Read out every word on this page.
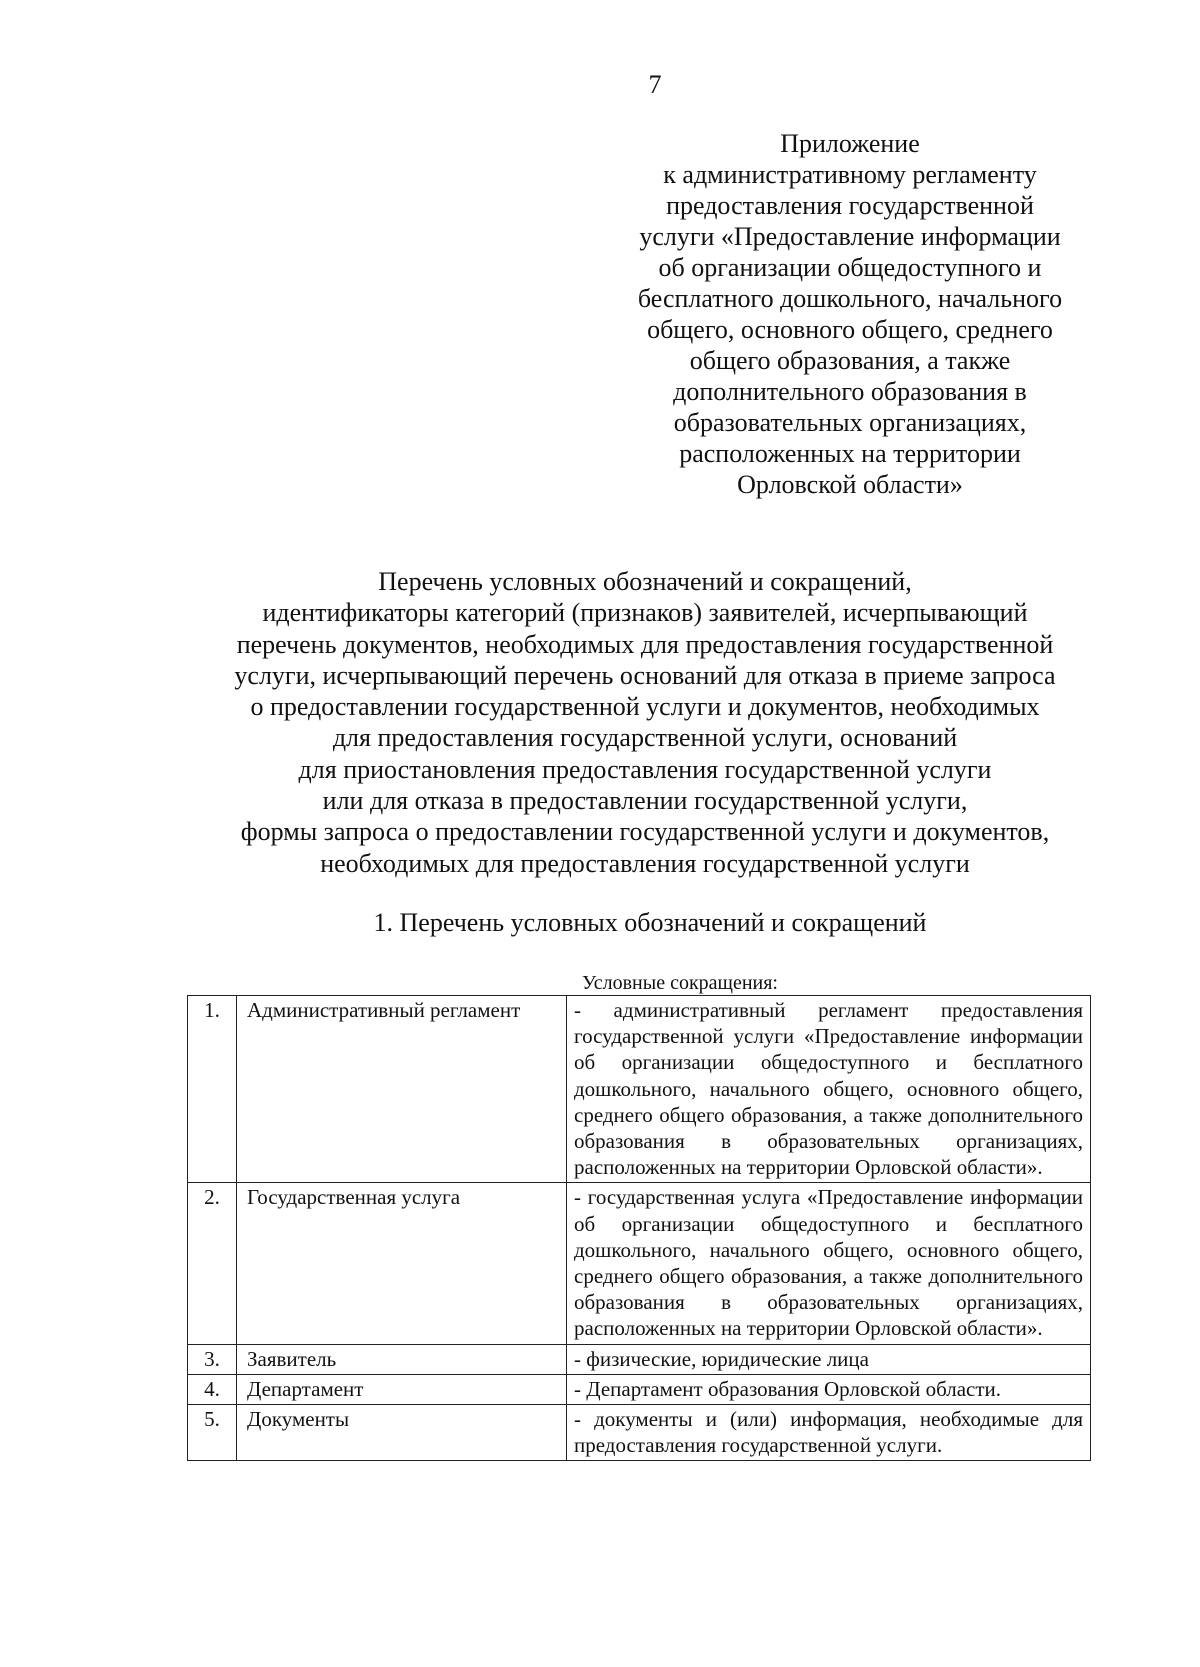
7
Приложение
к административному регламенту
предоставления государственной
услуги «Предоставление информации
об организации общедоступного и
бесплатного дошкольного, начального
общего, основного общего, среднего
общего образования, а также
дополнительного образования в
образовательных организациях,
расположенных на территории
Орловской области»
Перечень условных обозначений и сокращений,
идентификаторы категорий (признаков) заявителей, исчерпывающий
перечень документов, необходимых для предоставления государственной
услуги, исчерпывающий перечень оснований для отказа в приеме запроса
о предоставлении государственной услуги и документов, необходимых
для предоставления государственной услуги, оснований
для приостановления предоставления государственной услуги
или для отказа в предоставлении государственной услуги,
формы запроса о предоставлении государственной услуги и документов,
необходимых для предоставления государственной услуги
1. Перечень условных обозначений и сокращений
Условные сокращения:
1.	Административный регламент	- административный регламент предоставления государственной услуги «Предоставление информации об организации общедоступного и бесплатного дошкольного, начального общего, основного общего, среднего общего образования, а также дополнительного образования в образовательных организациях, расположенных на территории Орловской области».
2.	Государственная услуга	- государственная услуга «Предоставление информации об организации общедоступного и бесплатного дошкольного, начального общего, основного общего, среднего общего образования, а также дополнительного образования в образовательных организациях, расположенных на территории Орловской области».
3.	Заявитель	- физические, юридические лица
4.	Департамент	- Департамент образования Орловской области.
5.	Документы	- документы и (или) информация, необходимые для предоставления государственной услуги.
